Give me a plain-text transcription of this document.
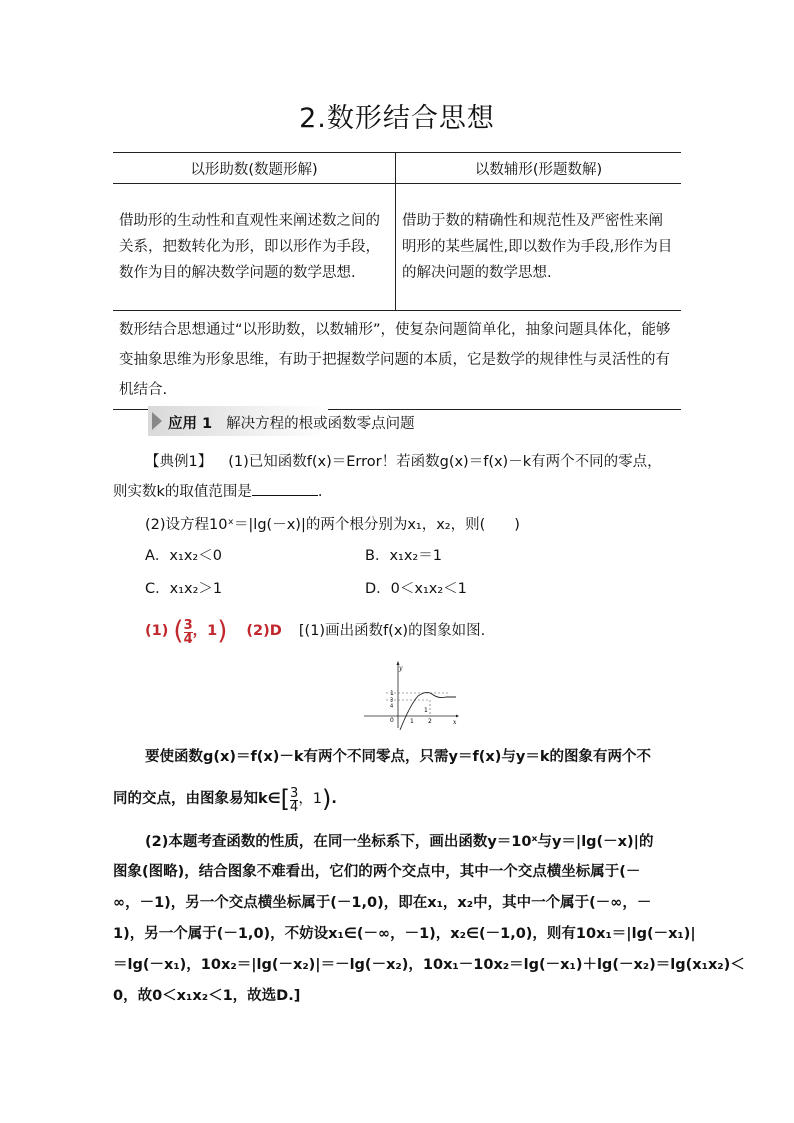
2.数形结合思想
以形助数(数题形解)	以数辅形(形题数解)
借助形的生动性和直观性来阐述数之间的关系，把数转化为形，即以形作为手段，数作为目的解决数学问题的数学思想.	借助于数的精确性和规范性及严密性来阐明形的某些属性,即以数作为手段,形作为目的解决问题的数学思想.
数形结合思想通过“以形助数，以数辅形”，使复杂问题简单化，抽象问题具体化，能够变抽象思维为形象思维，有助于把握数学问题的本质，它是数学的规律性与灵活性的有机结合.	
应用 1 解决方程的根或函数零点问题
【典例1】 (1)已知函数f(x)＝Error！若函数g(x)＝f(x)－k有两个不同的零点，
则实数k的取值范围是	.
(2)设方程10ˣ＝|lg(－x)|的两个根分别为x₁，x₂，则(　　)
A．x₁x₂＜0	B．x₁x₂＝1
C．x₁x₂＞1	D．0＜x₁x₂＜1
(1) ( $\frac{3}{4}$ ，1) (2)D [(1)画出函数f(x)的图象如图.
y
x
1
3
4
0	1 2
1
要使函数g(x)＝f(x)－k有两个不同零点，只需y＝f(x)与y＝k的图象有两个不
同的交点，由图象易知k∈[ $\frac{3}{4}$ ，1).
(2)本题考查函数的性质，在同一坐标系下，画出函数y＝10ˣ与y＝|lg(－x)|的
图象(图略)，结合图象不难看出，它们的两个交点中，其中一个交点横坐标属于(－
∞，－1)，另一个交点横坐标属于(－1,0)，即在x₁，x₂中，其中一个属于(－∞，－
1)，另一个属于(－1,0)，不妨设x₁∈(－∞，－1)，x₂∈(－1,0)，则有10x₁＝|lg(－x₁)|
＝lg(－x₁)，10x₂＝|lg(－x₂)|＝－lg(－x₂)，10x₁－10x₂＝lg(－x₁)＋lg(－x₂)＝lg(x₁x₂)＜
0，故0＜x₁x₂＜1，故选D.]
